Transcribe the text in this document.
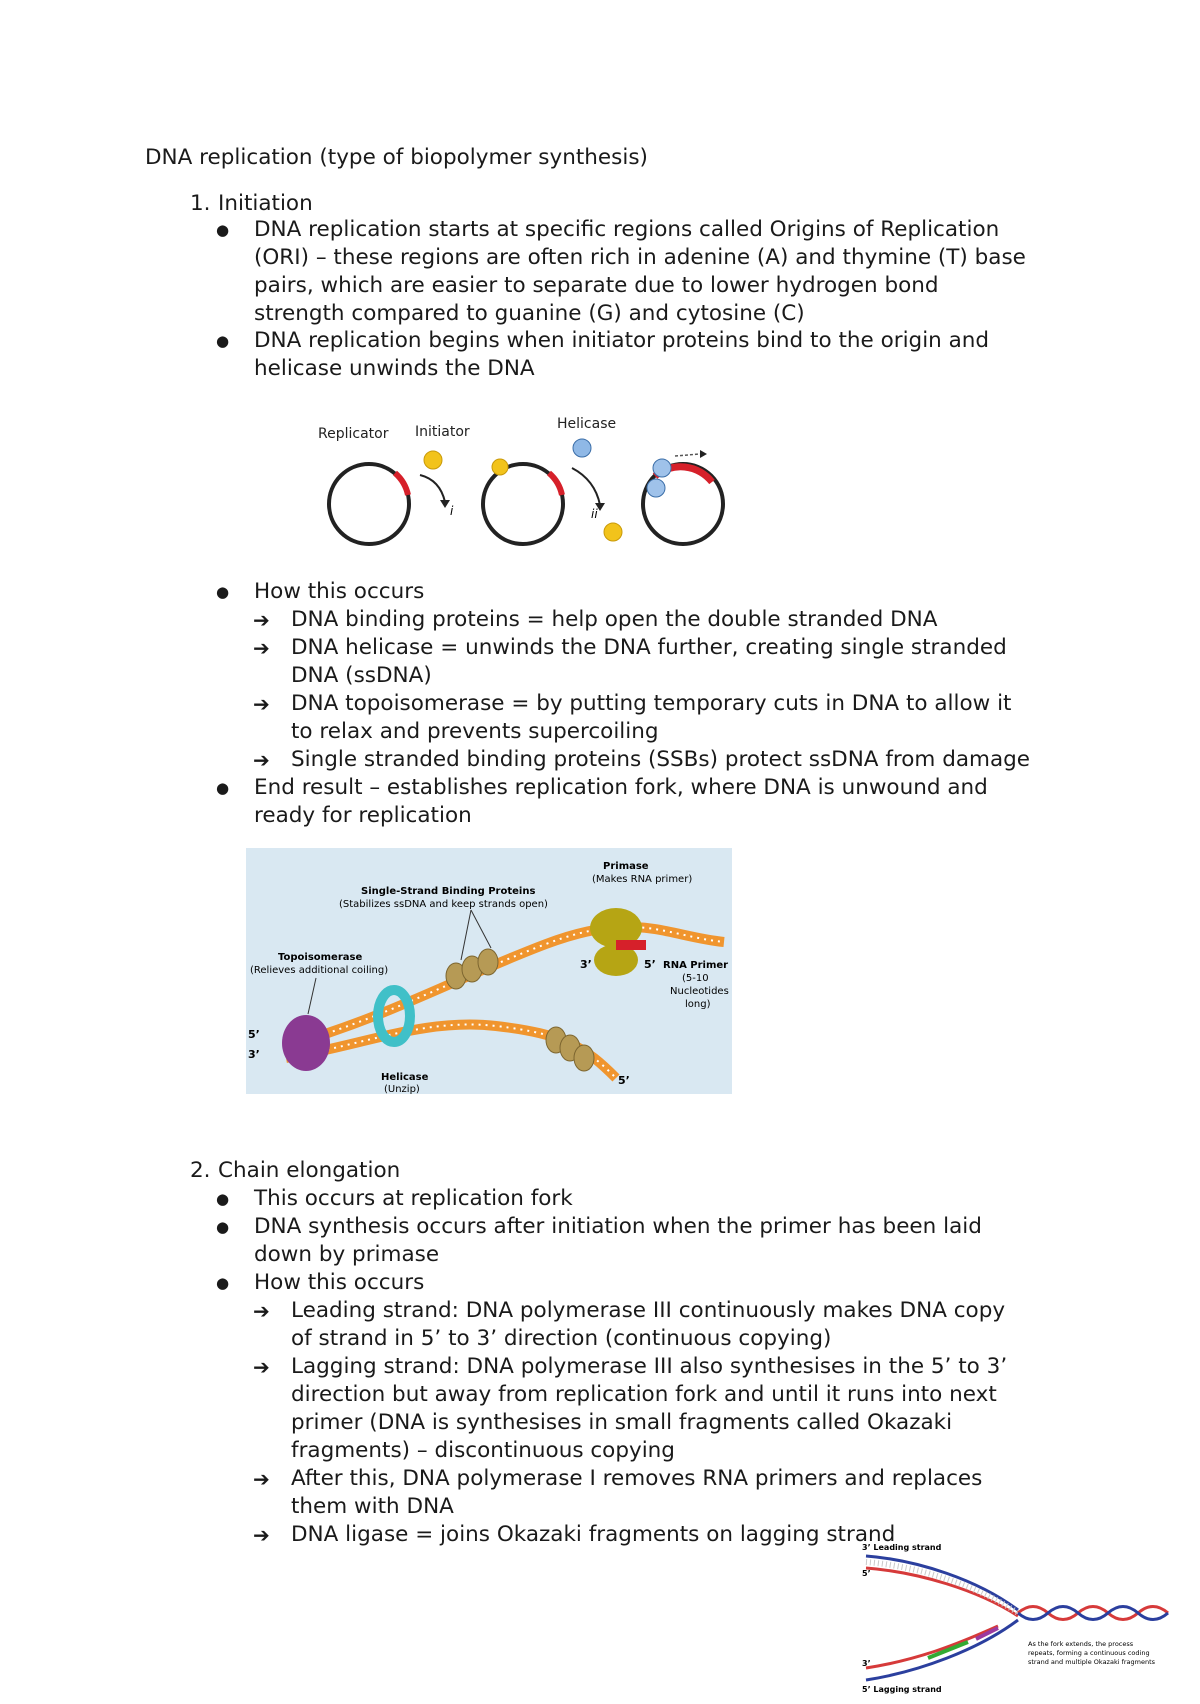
DNA replication (type of biopolymer synthesis)
1. Initiation
● DNA replication starts at specific regions called Origins of Replication
(ORI) – these regions are often rich in adenine (A) and thymine (T) base
pairs, which are easier to separate due to lower hydrogen bond
strength compared to guanine (G) and cytosine (C)
● DNA replication begins when initiator proteins bind to the origin and
helicase unwinds the DNA
Replicator Initiator	Helicase
i	ii
● How this occurs
➔ DNA binding proteins = help open the double stranded DNA
➔ DNA helicase = unwinds the DNA further, creating single stranded
DNA (ssDNA)
➔ DNA topoisomerase = by putting temporary cuts in DNA to allow it
to relax and prevents supercoiling
➔ Single stranded binding proteins (SSBs) protect ssDNA from damage
● End result – establishes replication fork, where DNA is unwound and
ready for replication
Primase
(Makes RNA primer)
Single-Strand Binding Proteins
(Stabilizes ssDNA and keep strands open)
Topoisomerase
(Relieves additional coiling)	RNA Primer
(5-10
Nucleotides
long)
Helicase
(Unzip)
3’	5’
5’
3’
5’
2. Chain elongation
● This occurs at replication fork
● DNA synthesis occurs after initiation when the primer has been laid
down by primase
● How this occurs
➔ Leading strand: DNA polymerase III continuously makes DNA copy
of strand in 5’ to 3’ direction (continuous copying)
➔ Lagging strand: DNA polymerase III also synthesises in the 5’ to 3’
direction but away from replication fork and until it runs into next
primer (DNA is synthesises in small fragments called Okazaki
fragments) – discontinuous copying
➔ After this, DNA polymerase I removes RNA primers and replaces
them with DNA
➔ DNA ligase = joins Okazaki fragments on lagging strand
3’ Leading strand
5’
3’
5’ Lagging strand
As the fork extends, the process
repeats, forming a continuous coding
strand and multiple Okazaki fragments
